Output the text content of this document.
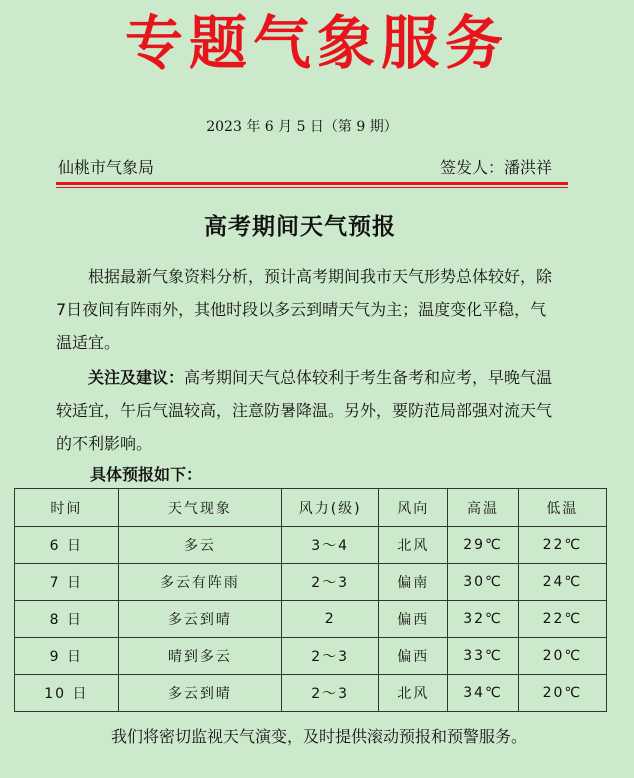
专题气象服务
2023 年 6 月 5 日（第 9 期）
仙桃市气象局	签发人：潘洪祥
高考期间天气预报

根据最新气象资料分析，预计高考期间我市天气形势总体较好，除7日夜间有阵雨外，其他时段以多云到晴天气为主；温度变化平稳，气温适宜。

关注及建议：高考期间天气总体较利于考生备考和应考，早晚气温较适宜，午后气温较高，注意防暑降温。另外，要防范局部强对流天气的不利影响。

具体预报如下：
时间	天气现象	风力(级)	风向	高温	低温
6 日	多云	3～4	北风	29℃	22℃
7 日	多云有阵雨	2～3	偏南	30℃	24℃
8 日	多云到晴	2	偏西	32℃	22℃
9 日	晴到多云	2～3	偏西	33℃	20℃
10 日	多云到晴	2～3	北风	34℃	20℃
我们将密切监视天气演变，及时提供滚动预报和预警服务。
